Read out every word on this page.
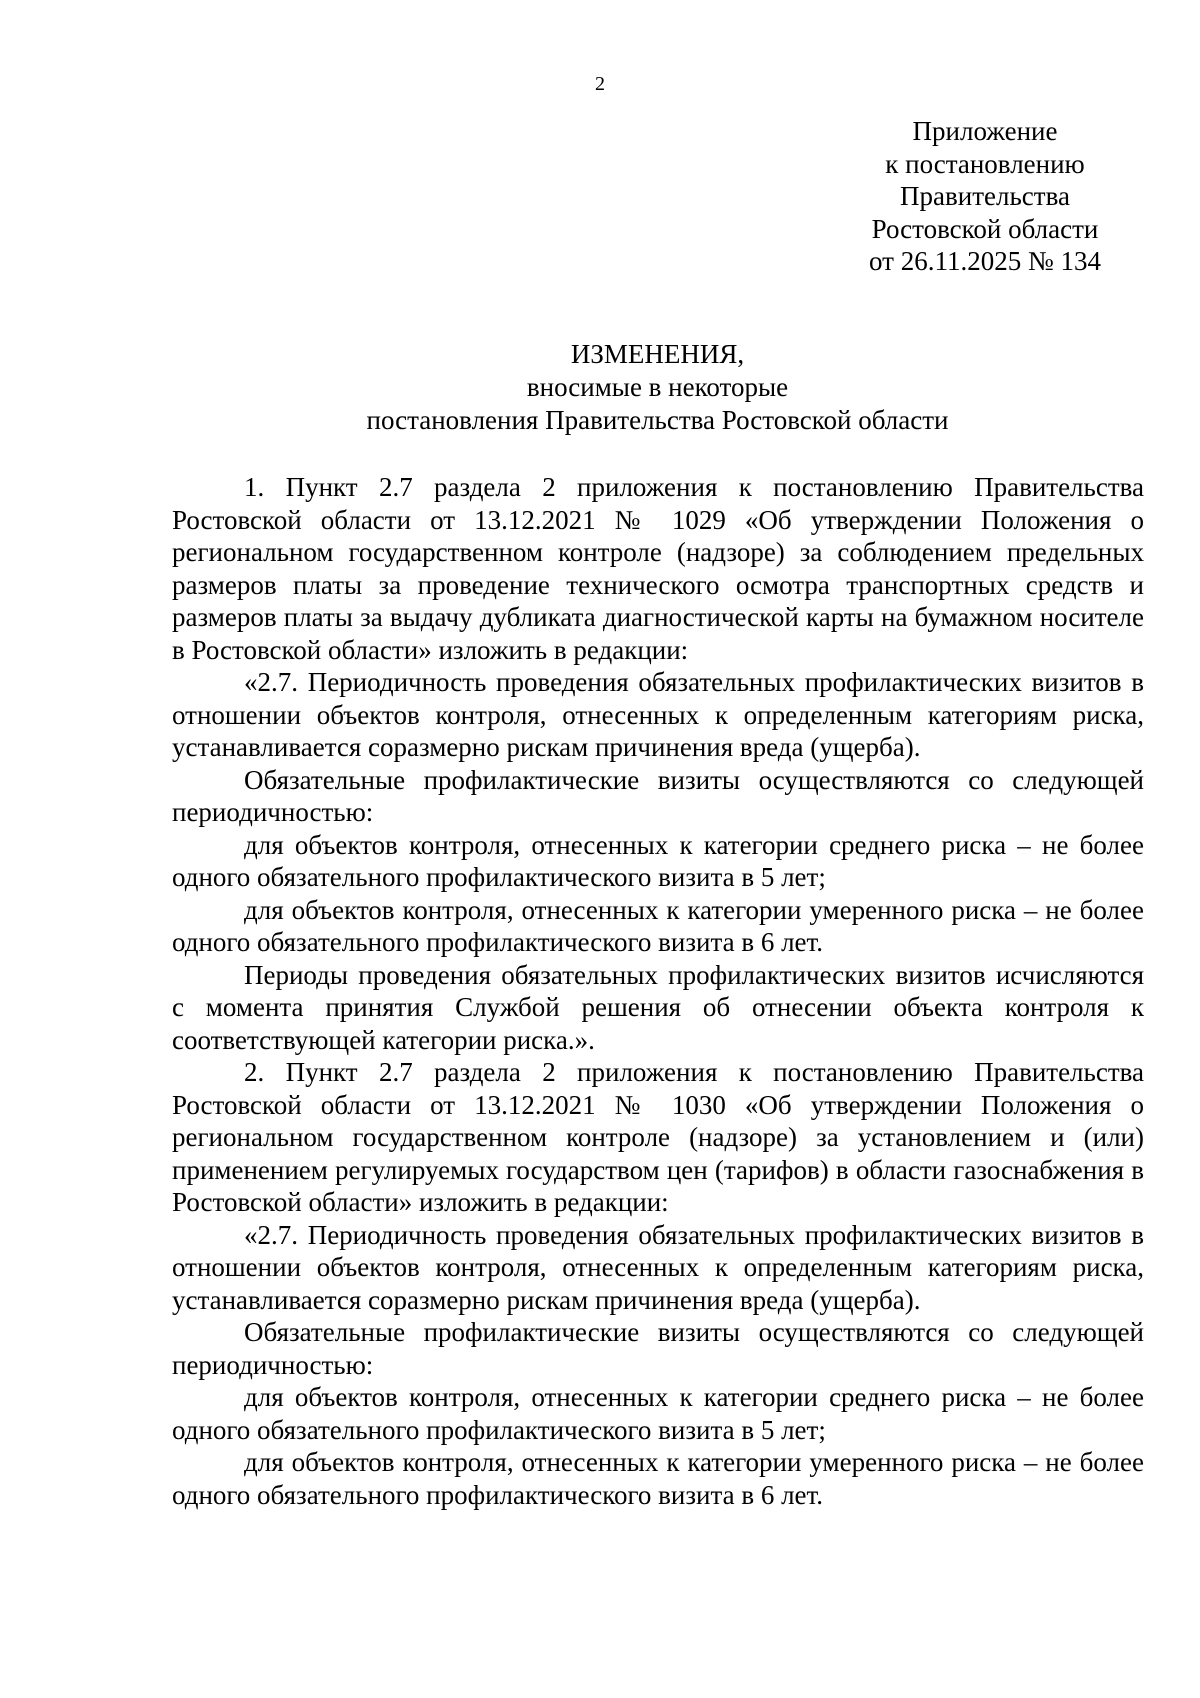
2
Приложение
к постановлению
Правительства
Ростовской области
от 26.11.2025 № 134
ИЗМЕНЕНИЯ,
вносимые в некоторые
постановления Правительства Ростовской области

1. Пункт 2.7 раздела 2 приложения к постановлению Правительства Ростовской области от 13.12.2021 № 1029 «Об утверждении Положения о региональном государственном контроле (надзоре) за соблюдением предельных размеров платы за проведение технического осмотра транспортных средств и размеров платы за выдачу дубликата диагностической карты на бумажном носителе в Ростовской области» изложить в редакции:

«2.7. Периодичность проведения обязательных профилактических визитов в отношении объектов контроля, отнесенных к определенным категориям риска, устанавливается соразмерно рискам причинения вреда (ущерба).

Обязательные профилактические визиты осуществляются со следующей периодичностью:

для объектов контроля, отнесенных к категории среднего риска – не более одного обязательного профилактического визита в 5 лет;

для объектов контроля, отнесенных к категории умеренного риска – не более одного обязательного профилактического визита в 6 лет.

Периоды проведения обязательных профилактических визитов исчисляются с момента принятия Службой решения об отнесении объекта контроля к соответствующей категории риска.».

2. Пункт 2.7 раздела 2 приложения к постановлению Правительства Ростовской области от 13.12.2021 № 1030 «Об утверждении Положения о региональном государственном контроле (надзоре) за установлением и (или) применением регулируемых государством цен (тарифов) в области газоснабжения в Ростовской области» изложить в редакции:

«2.7. Периодичность проведения обязательных профилактических визитов в отношении объектов контроля, отнесенных к определенным категориям риска, устанавливается соразмерно рискам причинения вреда (ущерба).

Обязательные профилактические визиты осуществляются со следующей периодичностью:

для объектов контроля, отнесенных к категории среднего риска – не более одного обязательного профилактического визита в 5 лет;

для объектов контроля, отнесенных к категории умеренного риска – не более одного обязательного профилактического визита в 6 лет.
